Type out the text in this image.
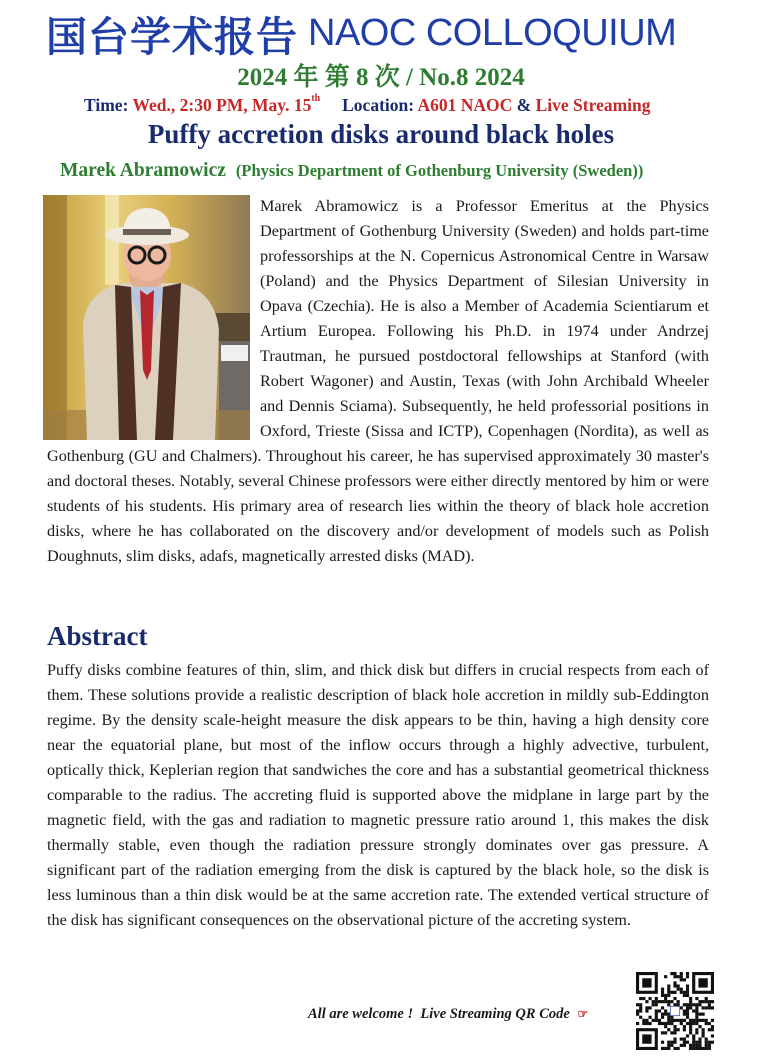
国台学术报告 NAOC COLLOQUIUM
2024 年 第 8 次 / No.8 2024
Time: Wed., 2:30 PM, May. 15th Location: A601 NAOC & Live Streaming
Puffy accretion disks around black holes
Marek Abramowicz (Physics Department of Gothenburg University (Sweden))

Marek Abramowicz is a Professor Emeritus at the Physics Department of Gothenburg University (Sweden) and holds part-time professorships at the N. Copernicus Astronomical Centre in Warsaw (Poland) and the Physics Department of Silesian University in Opava (Czechia). He is also a Member of Academia Scientiarum et Artium Europea. Following his Ph.D. in 1974 under Andrzej Trautman, he pursued postdoctoral fellowships at Stanford (with Robert Wagoner) and Austin, Texas (with John Archibald Wheeler and Dennis Sciama). Subsequently, he held professorial positions in Oxford, Trieste (Sissa and ICTP), Copenhagen (Nordita), as well as Gothenburg (GU and Chalmers). Throughout his career, he has supervised approximately 30 master's and doctoral theses. Notably, several Chinese professors were either directly mentored by him or were students of his students. His primary area of research lies within the theory of black hole accretion disks, where he has collaborated on the discovery and/or development of models such as Polish Doughnuts, slim disks, adafs, magnetically arrested disks (MAD).

Abstract

Puffy disks combine features of thin, slim, and thick disk but differs in crucial respects from each of them. These solutions provide a realistic description of black hole accretion in mildly sub-Eddington regime. By the density scale-height measure the disk appears to be thin, having a high density core near the equatorial plane, but most of the inflow occurs through a highly advective, turbulent, optically thick, Keplerian region that sandwiches the core and has a substantial geometrical thickness comparable to the radius. The accreting fluid is supported above the midplane in large part by the magnetic field, with the gas and radiation to magnetic pressure ratio around 1, this makes the disk thermally stable, even though the radiation pressure strongly dominates over gas pressure. A significant part of the radiation emerging from the disk is captured by the black hole, so the disk is less luminous than a thin disk would be at the same accretion rate. The extended vertical structure of the disk has significant consequences on the observational picture of the accreting system.

All are welcome ! Live Streaming QR Code ☞
